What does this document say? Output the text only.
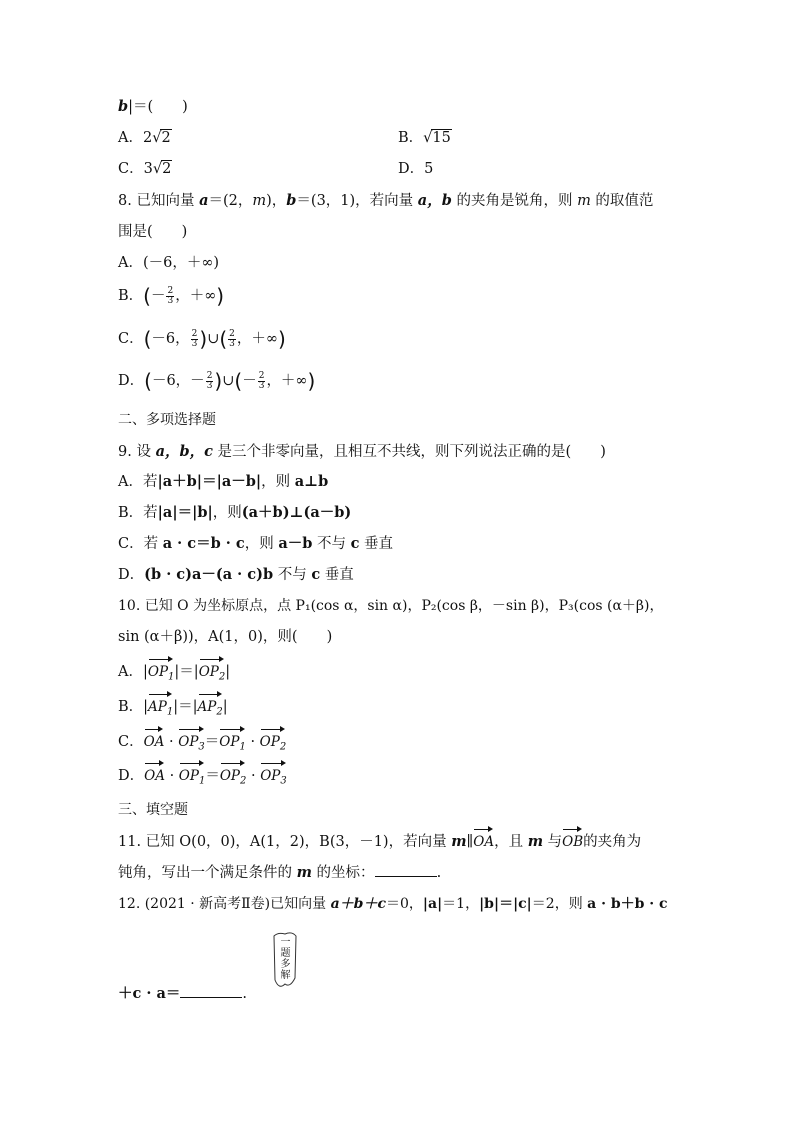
b|＝(　　)
A．2√2	B．√15
C．3√2	D．5
8. 已知向量 a＝(2，m)，b＝(3，1)，若向量 a，b 的夹角是锐角，则 m 的取值范
围是(　　)
A．(－6，＋∞)
B．(－ $\frac{2}{3}$ ，＋∞)
C．(－6， $\frac{2}{3}$ )∪( $\frac{2}{3}$ ，＋∞)
D．(－6，－ $\frac{2}{3}$ )∪(－ $\frac{2}{3}$ ，＋∞)
二、多项选择题
9. 设 a，b，c 是三个非零向量，且相互不共线，则下列说法正确的是(　　)
A．若|a＋b|＝|a－b|，则 a⊥b
B．若|a|＝|b|，则(a＋b)⊥(a－b)
C．若 a · c＝b · c，则 a－b 不与 c 垂直
D．(b · c)a－(a · c)b 不与 c 垂直
10. 已知 O 为坐标原点，点 P₁(cos α，sin α)，P₂(cos β，－sin β)，P₃(cos (α＋β)，
sin (α＋β))，A(1，0)，则(　　)
A．$|OP_1|=|OP_2|$
B．$|AP_1|=|AP_2|$
C．OA · $OP_3=OP_1 \cdot OP_2$
D．OA · $OP_1=OP_2 \cdot OP_3$
三、填空题
11. 已知 O(0，0)，A(1，2)，B(3，－1)，若向量 m∥OA，且 m 与OB的夹角为
钝角，写出一个满足条件的 m 的坐标：	.
12. (2021 · 新高考Ⅱ卷)已知向量 a＋b＋c＝0，|a|＝1，|b|＝|c|＝2，则 a · b＋b · c
＋c · a＝	.
一题多解
